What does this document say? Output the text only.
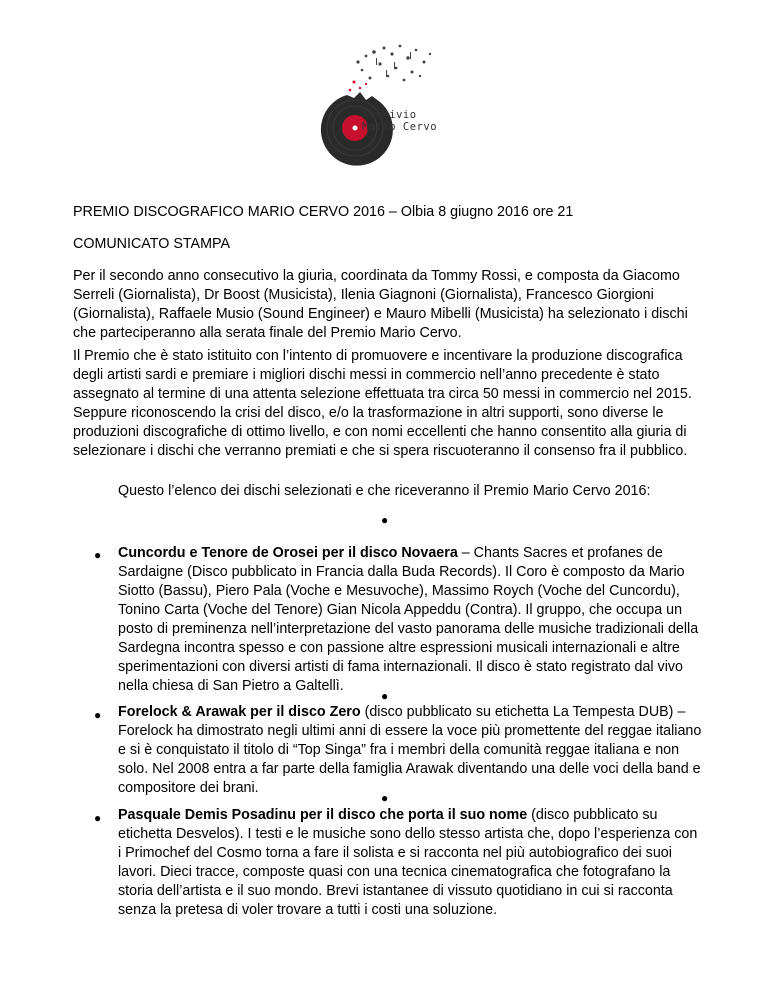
Archivio
Mario Cervo

PREMIO DISCOGRAFICO MARIO CERVO 2016 – Olbia 8 giugno 2016 ore 21

COMUNICATO STAMPA

Per il secondo anno consecutivo la giuria, coordinata da Tommy Rossi, e composta da Giacomo Serreli (Giornalista), Dr Boost (Musicista), Ilenia Giagnoni (Giornalista), Francesco Giorgioni (Giornalista), Raffaele Musio (Sound Engineer) e Mauro Mibelli (Musicista) ha selezionato i dischi che parteciperanno alla serata finale del Premio Mario Cervo.

Il Premio che è stato istituito con l’intento di promuovere e incentivare la produzione discografica degli artisti sardi e premiare i migliori dischi messi in commercio nell’anno precedente è stato assegnato al termine di una attenta selezione effettuata tra circa 50 messi in commercio nel 2015. Seppure riconoscendo la crisi del disco, e/o la trasformazione in altri supporti, sono diverse le produzioni discografiche di ottimo livello, e con nomi eccellenti che hanno consentito alla giuria di selezionare i dischi che verranno premiati e che si spera riscuoteranno il consenso fra il pubblico.

Questo l’elenco dei dischi selezionati e che riceveranno il Premio Mario Cervo 2016:

●
● Cuncordu e Tenore de Orosei per il disco Novaera – Chants Sacres et profanes de Sardaigne (Disco pubblicato in Francia dalla Buda Records). Il Coro è composto da Mario Siotto (Bassu), Piero Pala (Voche e Mesuvoche), Massimo Roych (Voche del Cuncordu), Tonino Carta (Voche del Tenore) Gian Nicola Appeddu (Contra). Il gruppo, che occupa un posto di preminenza nell’interpretazione del vasto panorama delle musiche tradizionali della Sardegna incontra spesso e con passione altre espressioni musicali internazionali e altre sperimentazioni con diversi artisti di fama internazionali. Il disco è stato registrato dal vivo nella chiesa di San Pietro a Galtellì.
●
● Forelock & Arawak per il disco Zero (disco pubblicato su etichetta La Tempesta DUB) – Forelock ha dimostrato negli ultimi anni di essere la voce più promettente del reggae italiano e si è conquistato il titolo di “Top Singa” fra i membri della comunità reggae italiana e non solo. Nel 2008 entra a far parte della famiglia Arawak diventando una delle voci della band e compositore dei brani.
●
● Pasquale Demis Posadinu per il disco che porta il suo nome (disco pubblicato su etichetta Desvelos). I testi e le musiche sono dello stesso artista che, dopo l’esperienza con i Primochef del Cosmo torna a fare il solista e si racconta nel più autobiografico dei suoi lavori. Dieci tracce, composte quasi con una tecnica cinematografica che fotografano la storia dell’artista e il suo mondo. Brevi istantanee di vissuto quotidiano in cui si racconta senza la pretesa di voler trovare a tutti i costi una soluzione.
